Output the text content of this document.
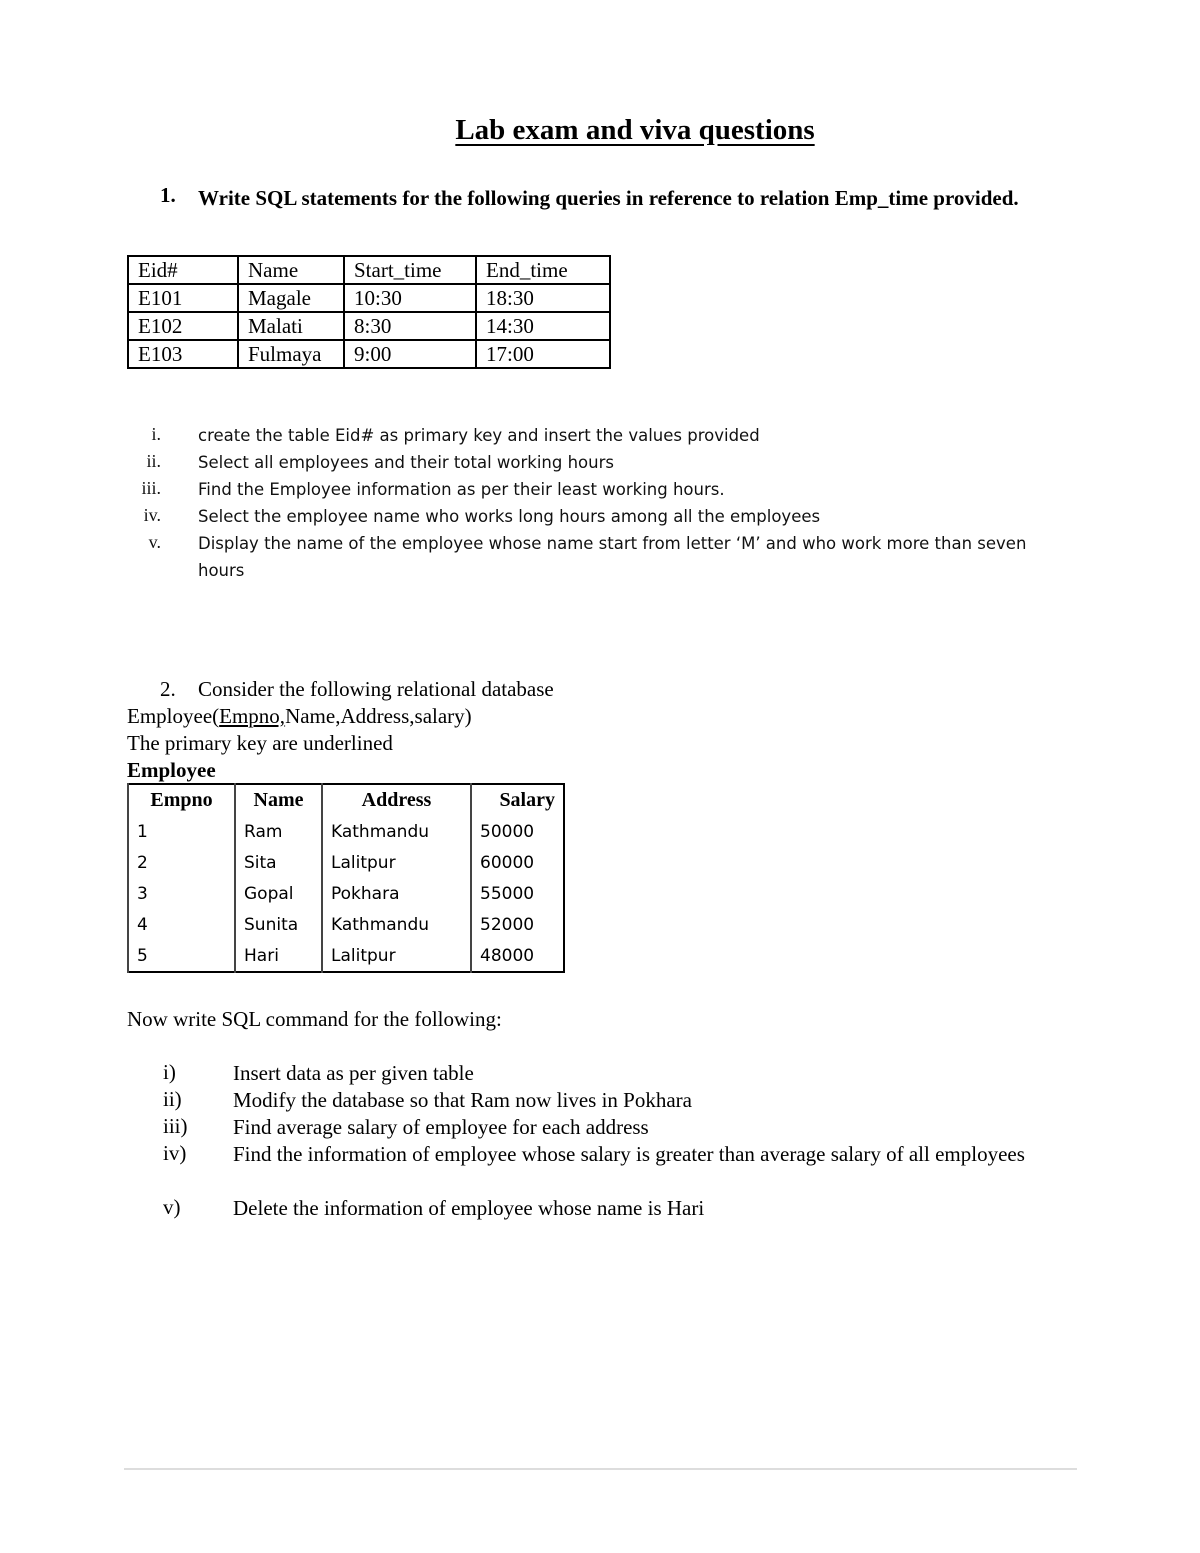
Lab exam and viva questions
1. Write SQL statements for the following queries in reference to relation Emp_time provided.
Eid#	Name	Start_time	End_time
E101	Magale	10:30	18:30
E102	Malati	8:30	14:30
E103	Fulmaya	9:00	17:00
i. create the table Eid# as primary key and insert the values provided
ii. Select all employees and their total working hours
iii. Find the Employee information as per their least working hours.
iv. Select the employee name who works long hours among all the employees
v. Display the name of the employee whose name start from letter ‘M’ and who work more than seven hours
2. Consider the following relational database
Employee(Empno,Name,Address,salary)
The primary key are underlined
Employee
Empno	Name	Address	Salary
1	Ram	Kathmandu	50000
2	Sita	Lalitpur	60000
3	Gopal	Pokhara	55000
4	Sunita	Kathmandu	52000
5	Hari	Lalitpur	48000
Now write SQL command for the following:
i)	Insert data as per given table
ii)	Modify the database so that Ram now lives in Pokhara
iii)	Find average salary of employee for each address
iv)	Find the information of employee whose salary is greater than average salary of all employees
v)	Delete the information of employee whose name is Hari
